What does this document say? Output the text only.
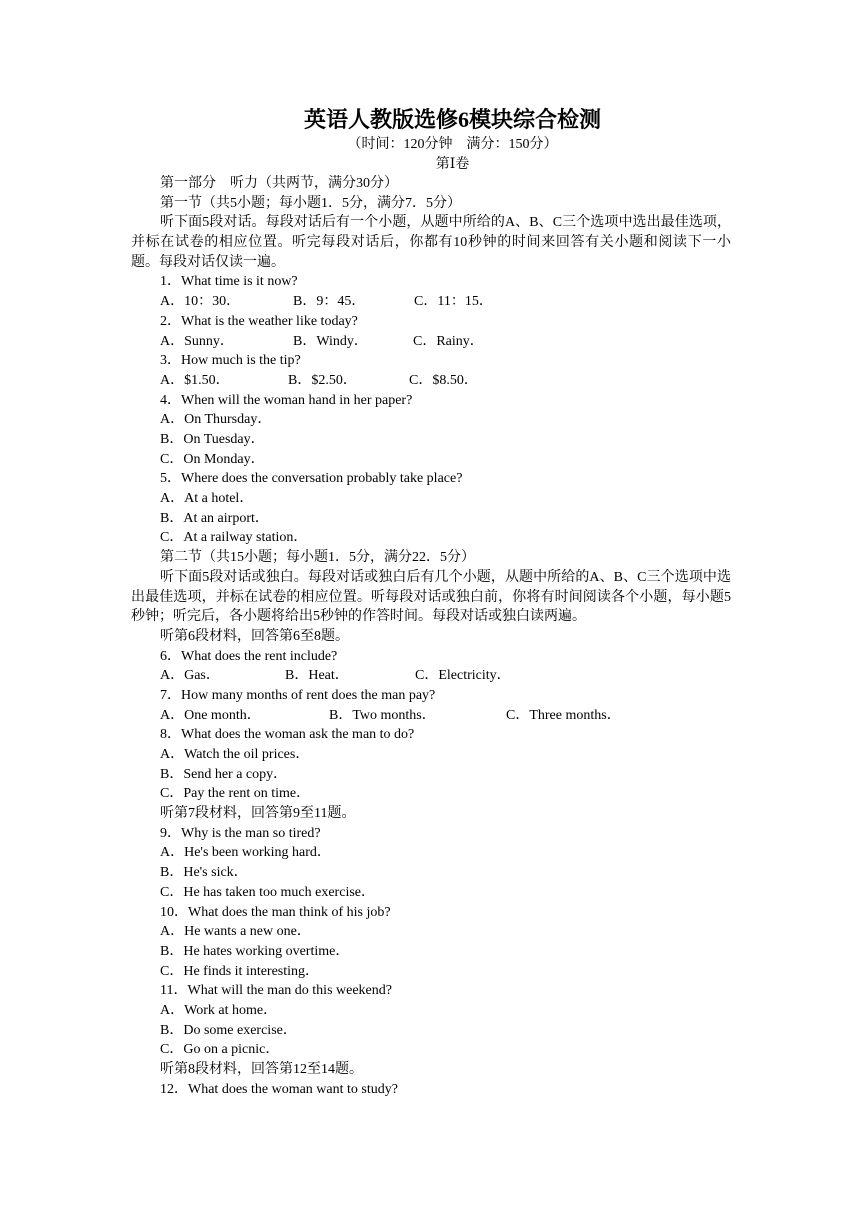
英语人教版选修6模块综合检测
（时间：120分钟　满分：150分）
第Ⅰ卷
第一部分　听力（共两节，满分30分）
第一节（共5小题；每小题1．5分，满分7．5分）
听下面5段对话。每段对话后有一个小题，从题中所给的A、B、C三个选项中选出最佳选项，并标在试卷的相应位置。听完每段对话后，你都有10秒钟的时间来回答有关小题和阅读下一小题。每段对话仅读一遍。
1．What time is it now?
A．10：30．	B．9：45．	C．11：15．
2．What is the weather like today?
A．Sunny．	B．Windy．	C．Rainy．
3．How much is the tip?
A．$1.50．	B．$2.50．	C．$8.50．
4．When will the woman hand in her paper?
A．On Thursday．
B．On Tuesday．
C．On Monday．
5．Where does the conversation probably take place?
A．At a hotel．
B．At an airport．
C．At a railway station．
第二节（共15小题；每小题1．5分，满分22．5分）
听下面5段对话或独白。每段对话或独白后有几个小题，从题中所给的A、B、C三个选项中选出最佳选项，并标在试卷的相应位置。听每段对话或独白前，你将有时间阅读各个小题，每小题5秒钟；听完后，各小题将给出5秒钟的作答时间。每段对话或独白读两遍。
听第6段材料，回答第6至8题。
6．What does the rent include?
A．Gas．	B．Heat．	C．Electricity．
7．How many months of rent does the man pay?
A．One month．	B．Two months．	C．Three months．
8．What does the woman ask the man to do?
A．Watch the oil prices．
B．Send her a copy．
C．Pay the rent on time．
听第7段材料，回答第9至11题。
9．Why is the man so tired?
A．He's been working hard．
B．He's sick．
C．He has taken too much exercise．
10．What does the man think of his job?
A．He wants a new one．
B．He hates working overtime．
C．He finds it interesting．
11．What will the man do this weekend?
A．Work at home．
B．Do some exercise．
C．Go on a picnic．
听第8段材料，回答第12至14题。
12．What does the woman want to study?
